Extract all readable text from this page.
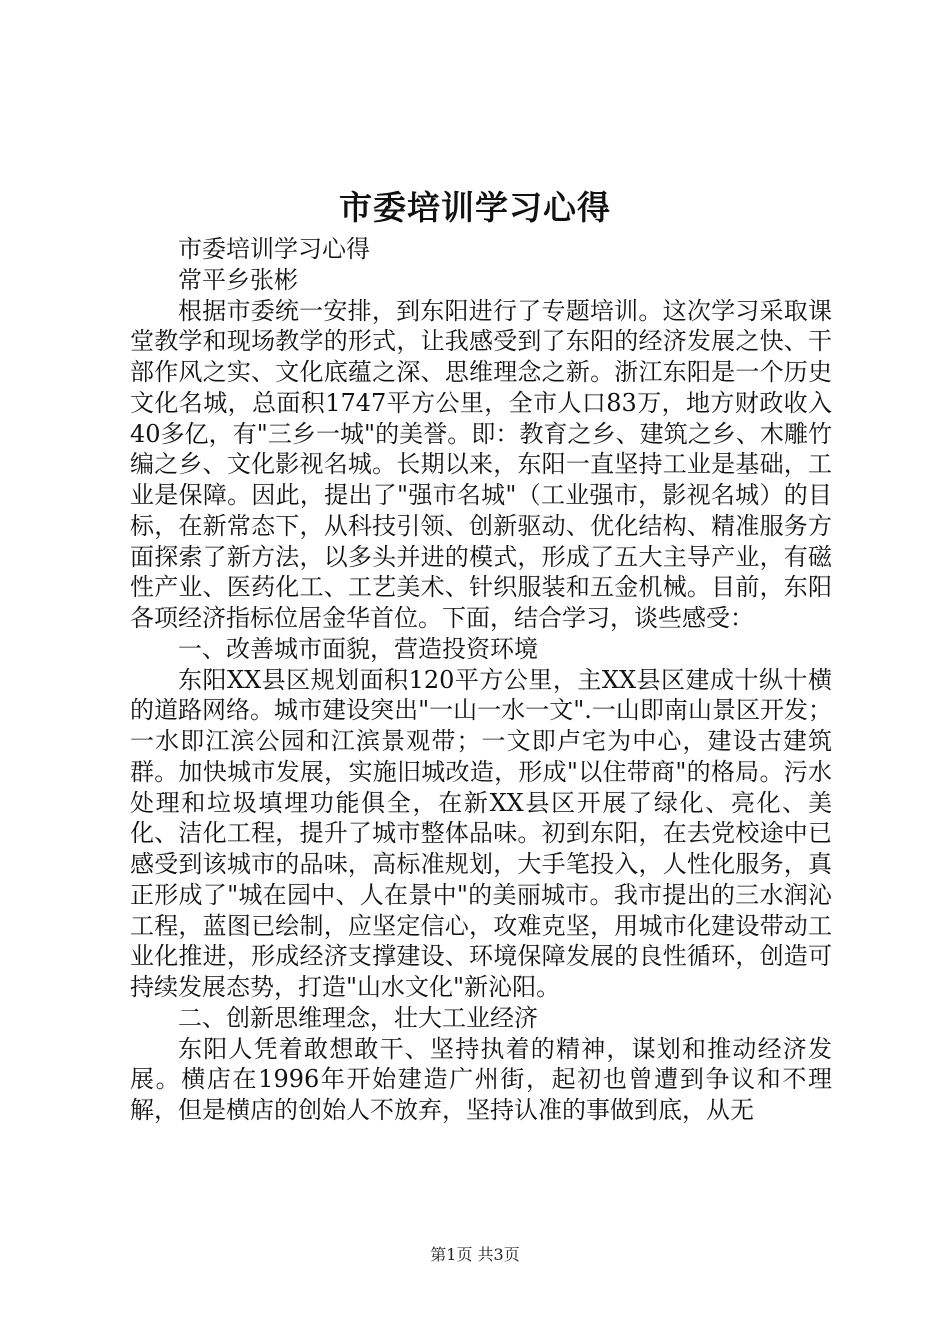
市委培训学习心得

市委培训学习心得

常平乡张彬

根据市委统一安排，到东阳进行了专题培训。这次学习采取课堂教学和现场教学的形式，让我感受到了东阳的经济发展之快、干部作风之实、文化底蕴之深、思维理念之新。浙江东阳是一个历史文化名城，总面积1747平方公里，全市人口83万，地方财政收入40多亿，有"三乡一城"的美誉。即：教育之乡、建筑之乡、木雕竹编之乡、文化影视名城。长期以来，东阳一直坚持工业是基础，工业是保障。因此，提出了"强市名城"（工业强市，影视名城）的目标，在新常态下，从科技引领、创新驱动、优化结构、精准服务方面探索了新方法，以多头并进的模式，形成了五大主导产业，有磁性产业、医药化工、工艺美术、针织服装和五金机械。目前，东阳各项经济指标位居金华首位。下面，结合学习，谈些感受：

一、改善城市面貌，营造投资环境

东阳XX县区规划面积120平方公里，主XX县区建成十纵十横的道路网络。城市建设突出"一山一水一文".一山即南山景区开发；一水即江滨公园和江滨景观带；一文即卢宅为中心，建设古建筑群。加快城市发展，实施旧城改造，形成"以住带商"的格局。污水处理和垃圾填埋功能俱全，在新XX县区开展了绿化、亮化、美化、洁化工程，提升了城市整体品味。初到东阳，在去党校途中已感受到该城市的品味，高标准规划，大手笔投入，人性化服务，真正形成了"城在园中、人在景中"的美丽城市。我市提出的三水润沁工程，蓝图已绘制，应坚定信心，攻难克坚，用城市化建设带动工业化推进，形成经济支撑建设、环境保障发展的良性循环，创造可持续发展态势，打造"山水文化"新沁阳。

二、创新思维理念，壮大工业经济

东阳人凭着敢想敢干、坚持执着的精神，谋划和推动经济发展。横店在1996年开始建造广州街，起初也曾遭到争议和不理解，但是横店的创始人不放弃，坚持认准的事做到底，从无

第1页 共3页
